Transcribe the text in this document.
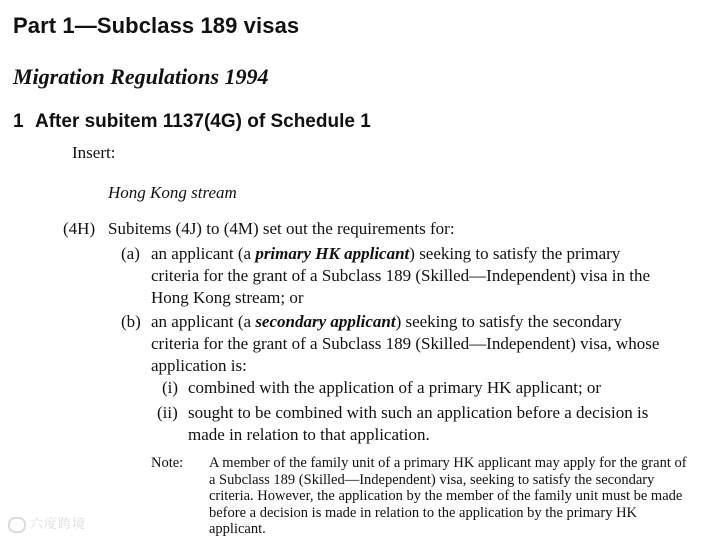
Part 1—Subclass 189 visas
Migration Regulations 1994
1 After subitem 1137(4G) of Schedule 1
Insert:
Hong Kong stream
(4H) Subitems (4J) to (4M) set out the requirements for:
(a) an applicant (a primary HK applicant) seeking to satisfy the primary
criteria for the grant of a Subclass 189 (Skilled—Independent) visa in the
Hong Kong stream; or
(b) an applicant (a secondary applicant) seeking to satisfy the secondary
criteria for the grant of a Subclass 189 (Skilled—Independent) visa, whose
application is:
(i) combined with the application of a primary HK applicant; or
(ii) sought to be combined with such an application before a decision is
made in relation to that application.
Note: A member of the family unit of a primary HK applicant may apply for the grant of
a Subclass 189 (Skilled—Independent) visa, seeking to satisfy the secondary
criteria. However, the application by the member of the family unit must be made
before a decision is made in relation to the application by the primary HK
applicant.
六度跨境
